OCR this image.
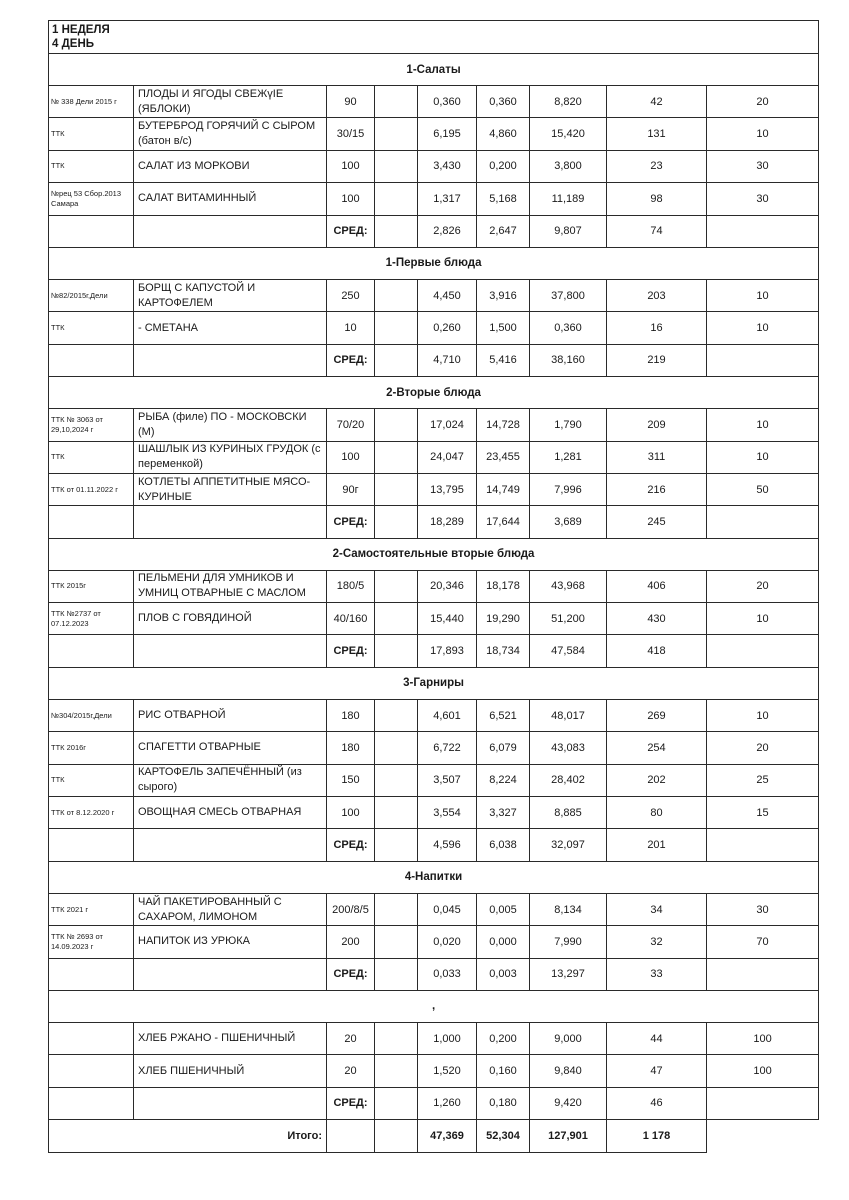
1 НЕДЕЛЯ
4 ДЕНЬ								

1-Салаты								
№ 338 Дели 2015 г	ПЛОДЫ И ЯГОДЫ СВЕЖүIE (ЯБЛОКИ)	90		0,360	0,360	8,820	42	20
ТТК	БУТЕРБРОД ГОРЯЧИЙ С СЫРОМ (батон в/с)	30/15		6,195	4,860	15,420	131	10
ТТК	САЛАТ ИЗ МОРКОВИ	100		3,430	0,200	3,800	23	30
№рец 53 Сбор.2013 Самара	САЛАТ ВИТАМИННЫЙ	100		1,317	5,168	11,189	98	30
		СРЕД:		2,826	2,647	9,807	74	
1-Первые блюда								
№82/2015г,Дели	БОРЩ С КАПУСТОЙ И КАРТОФЕЛЕМ	250		4,450	3,916	37,800	203	10
ТТК	- СМЕТАНА	10		0,260	1,500	0,360	16	10
		СРЕД:		4,710	5,416	38,160	219	
2-Вторые блюда								
ТТК № 3063 от 29,10,2024 г	РЫБА (филе) ПО - МОСКОВСКИ (М)	70/20		17,024	14,728	1,790	209	10
ТТК	ШАШЛЫК ИЗ КУРИНЫХ ГРУДОК (с переменкой)	100		24,047	23,455	1,281	311	10
ТТК от 01.11.2022 г	КОТЛЕТЫ АППЕТИТНЫЕ МЯСО-КУРИНЫЕ	90г		13,795	14,749	7,996	216	50
		СРЕД:		18,289	17,644	3,689	245	
2-Самостоятельные вторые блюда								
ТТК 2015г	ПЕЛЬМЕНИ ДЛЯ УМНИКОВ И УМНИЦ ОТВАРНЫЕ С МАСЛОМ	180/5		20,346	18,178	43,968	406	20
ТТК №2737 от 07.12.2023	ПЛОВ С ГОВЯДИНОЙ	40/160		15,440	19,290	51,200	430	10
		СРЕД:		17,893	18,734	47,584	418	
3-Гарниры								
№304/2015г,Дели	РИС ОТВАРНОЙ	180		4,601	6,521	48,017	269	10
ТТК 2016г	СПАГЕТТИ ОТВАРНЫЕ	180		6,722	6,079	43,083	254	20
ТТК	КАРТОФЕЛЬ ЗАПЕЧЁННЫЙ (из сырого)	150		3,507	8,224	28,402	202	25
ТТК от 8.12.2020 г	ОВОЩНАЯ СМЕСЬ ОТВАРНАЯ	100		3,554	3,327	8,885	80	15
		СРЕД:		4,596	6,038	32,097	201	
4-Напитки								
ТТК 2021 г	ЧАЙ ПАКЕТИРОВАННЫЙ С САХАРОМ, ЛИМОНОМ	200/8/5		0,045	0,005	8,134	34	30
ТТК № 2693 от 14.09.2023 г	НАПИТОК ИЗ УРЮКА	200		0,020	0,000	7,990	32	70
		СРЕД:		0,033	0,003	13,297	33	
,								
	ХЛЕБ РЖАНО - ПШЕНИЧНЫЙ	20		1,000	0,200	9,000	44	100
	ХЛЕБ ПШЕНИЧНЫЙ	20		1,520	0,160	9,840	47	100
		СРЕД:		1,260	0,180	9,420	46	
Итого:				47,369	52,304	127,901	1 178	
